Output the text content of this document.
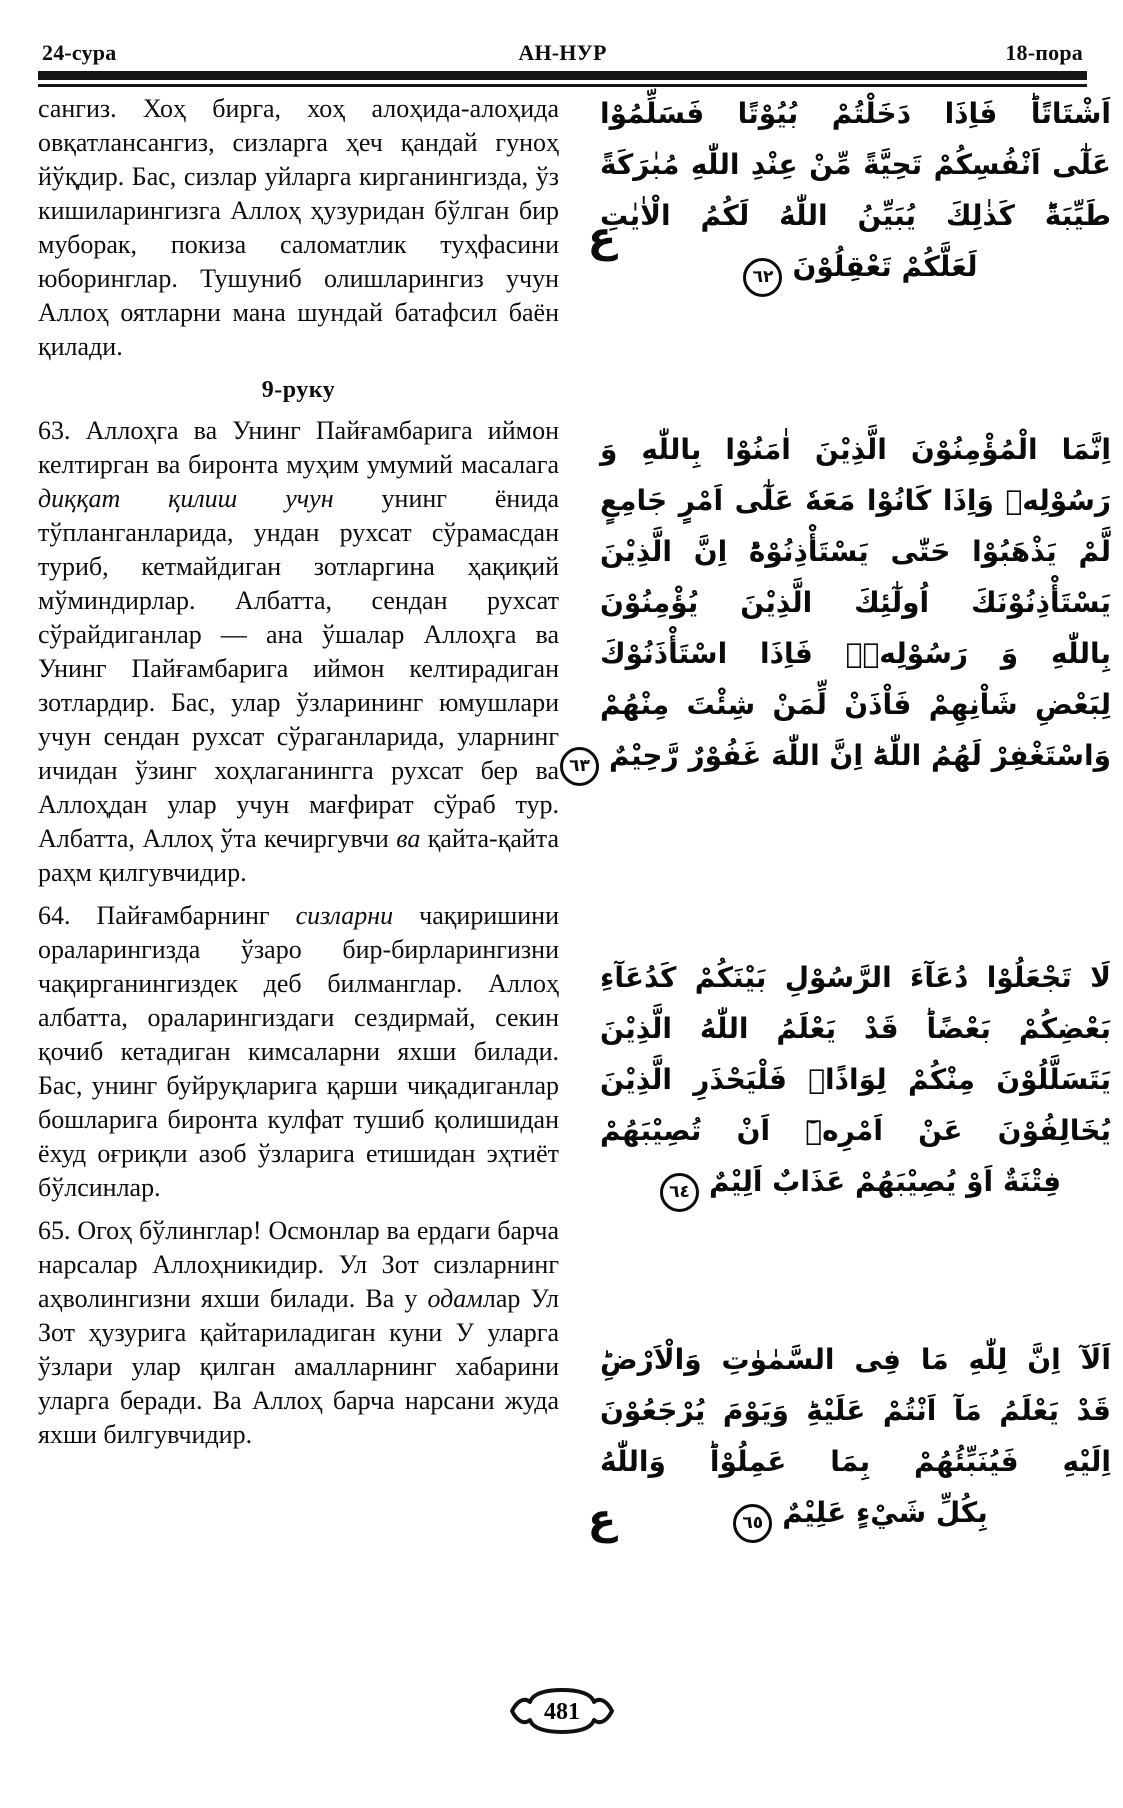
АН-НУР
24-сура	18-пора

сангиз. Хоҳ бирга, хоҳ алоҳида-алоҳида овқатлансангиз, сизларга ҳеч қандай гуноҳ йўқдир. Бас, сизлар уйларга кирганингизда, ўз кишиларингизга Аллоҳ ҳузуридан бўлган бир муборак, покиза саломатлик туҳфасини юборинглар. Тушуниб олишларингиз учун Аллоҳ оятларни мана шундай батафсил баён қилади.

9-руку

63. Аллоҳга ва Унинг Пайғамбарига иймон келтирган ва биронта муҳим умумий масалага диққат қилиш учун унинг ёнида тўпланганларида, ундан рухсат сўрамасдан туриб, кетмайдиган зотларгина ҳақиқий мўминдирлар. Албатта, сендан рухсат сўрайдиганлар — ана ўшалар Аллоҳга ва Унинг Пайғамбарига иймон келтирадиган зотлардир. Бас, улар ўзларининг юмушлари учун сендан рухсат сўраганларида, уларнинг ичидан ўзинг хоҳлаганингга рухсат бер ва Аллоҳдан улар учун мағфират сўраб тур. Албатта, Аллоҳ ўта кечиргувчи ва қайта-қайта раҳм қилгувчидир.

64. Пайғамбарнинг сизларни чақиришини ораларингизда ўзаро бир-бирларингизни чақирганингиздек деб билманглар. Аллоҳ албатта, ораларингиздаги сездирмай, секин қочиб кетадиган кимсаларни яхши билади. Бас, унинг буйруқларига қарши чиқадиганлар бошларига биронта кулфат тушиб қолишидан ёхуд оғриқли азоб ўзларига етишидан эҳтиёт бўлсинлар.

65. Огоҳ бўлинглар! Осмонлар ва ердаги барча нарсалар Аллоҳникидир. Ул Зот сизларнинг аҳволингизни яхши билади. Ва у одамлар Ул Зот ҳузурига қайтариладиган куни У уларга ўзлари улар қилган амалларнинг хабарини уларга беради. Ва Аллоҳ барча нарсани жуда яхши билгувчидир.

اَشْتَاتًاؕ فَاِذَا دَخَلْتُمْ بُيُوْتًا فَسَلِّمُوْا
عَلٰٓى اَنْفُسِكُمْ تَحِيَّةً مِّنْ عِنْدِ اللّٰهِ مُبٰرَكَةً
طَيِّبَةًؕ كَذٰلِكَ يُبَيِّنُ اللّٰهُ لَكُمُ الْاٰيٰتِ
لَعَلَّكُمْ تَعْقِلُوْنَ٦٢
اِنَّمَا الْمُؤْمِنُوْنَ الَّذِيْنَ اٰمَنُوْا بِاللّٰهِ وَ
رَسُوْلِهٖ وَاِذَا كَانُوْا مَعَهٗ عَلٰٓى اَمْرٍ جَامِعٍ
لَّمْ يَذْهَبُوْا حَتّٰى يَسْتَأْذِنُوْهُؕ اِنَّ الَّذِيْنَ
يَسْتَأْذِنُوْنَكَ اُولٰٓئِكَ الَّذِيْنَ يُؤْمِنُوْنَ
بِاللّٰهِ وَ رَسُوْلِهٖۚ فَاِذَا اسْتَأْذَنُوْكَ
لِبَعْضِ شَاْنِهِمْ فَاْذَنْ لِّمَنْ شِئْتَ مِنْهُمْ
وَاسْتَغْفِرْ لَهُمُ اللّٰهَؕ اِنَّ اللّٰهَ غَفُوْرٌ رَّحِيْمٌ٦٣
لَا تَجْعَلُوْا دُعَآءَ الرَّسُوْلِ بَيْنَكُمْ كَدُعَآءِ
بَعْضِكُمْ بَعْضًاؕ قَدْ يَعْلَمُ اللّٰهُ الَّذِيْنَ
يَتَسَلَّلُوْنَ مِنْكُمْ لِوَاذًاۚ فَلْيَحْذَرِ الَّذِيْنَ
يُخَالِفُوْنَ عَنْ اَمْرِهٖٓ اَنْ تُصِيْبَهُمْ
فِتْنَةٌ اَوْ يُصِيْبَهُمْ عَذَابٌ اَلِيْمٌ٦٤
اَلَآ اِنَّ لِلّٰهِ مَا فِى السَّمٰوٰتِ وَالْاَرْضِؕ
قَدْ يَعْلَمُ مَآ اَنْتُمْ عَلَيْهِؕ وَيَوْمَ يُرْجَعُوْنَ
اِلَيْهِ فَيُنَبِّئُهُمْ بِمَا عَمِلُوْاؕ وَاللّٰهُ
بِكُلِّ شَيْءٍ عَلِيْمٌ٦٥
ع
ع
481
